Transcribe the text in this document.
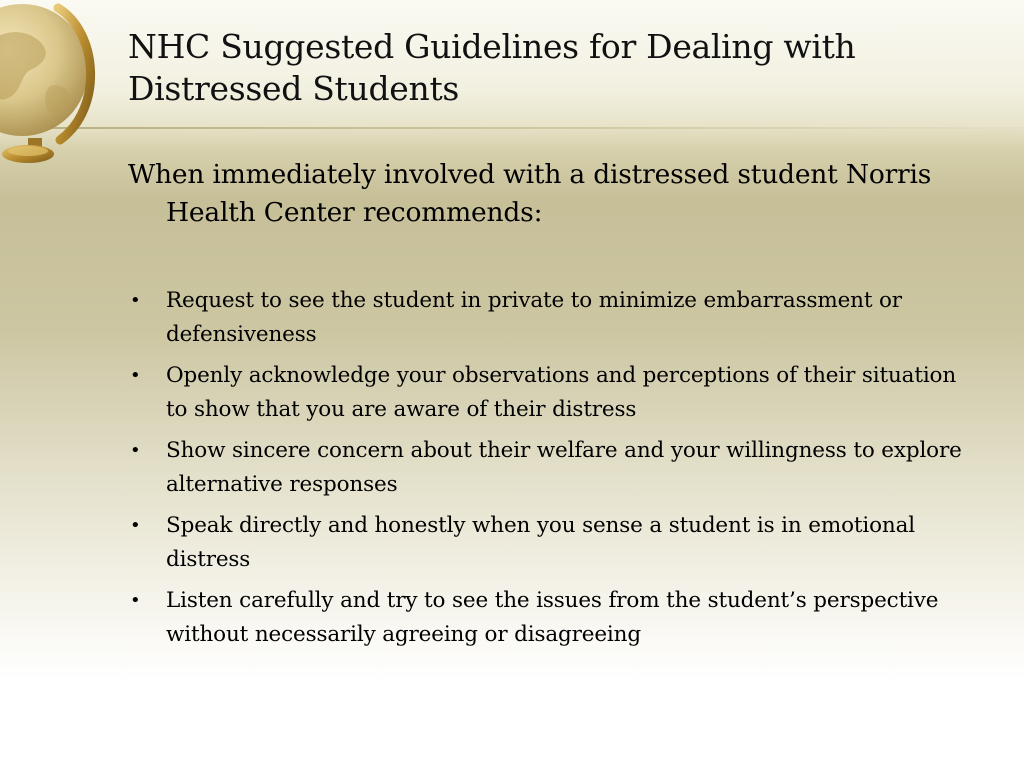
NHC Suggested Guidelines for Dealing with Distressed Students

When immediately involved with a distressed student Norris Health Center recommends:

• Request to see the student in private to minimize embarrassment or defensiveness
• Openly acknowledge your observations and perceptions of their situation to show that you are aware of their distress
• Show sincere concern about their welfare and your willingness to explore alternative responses
• Speak directly and honestly when you sense a student is in emotional distress
• Listen carefully and try to see the issues from the student’s perspective without necessarily agreeing or disagreeing
